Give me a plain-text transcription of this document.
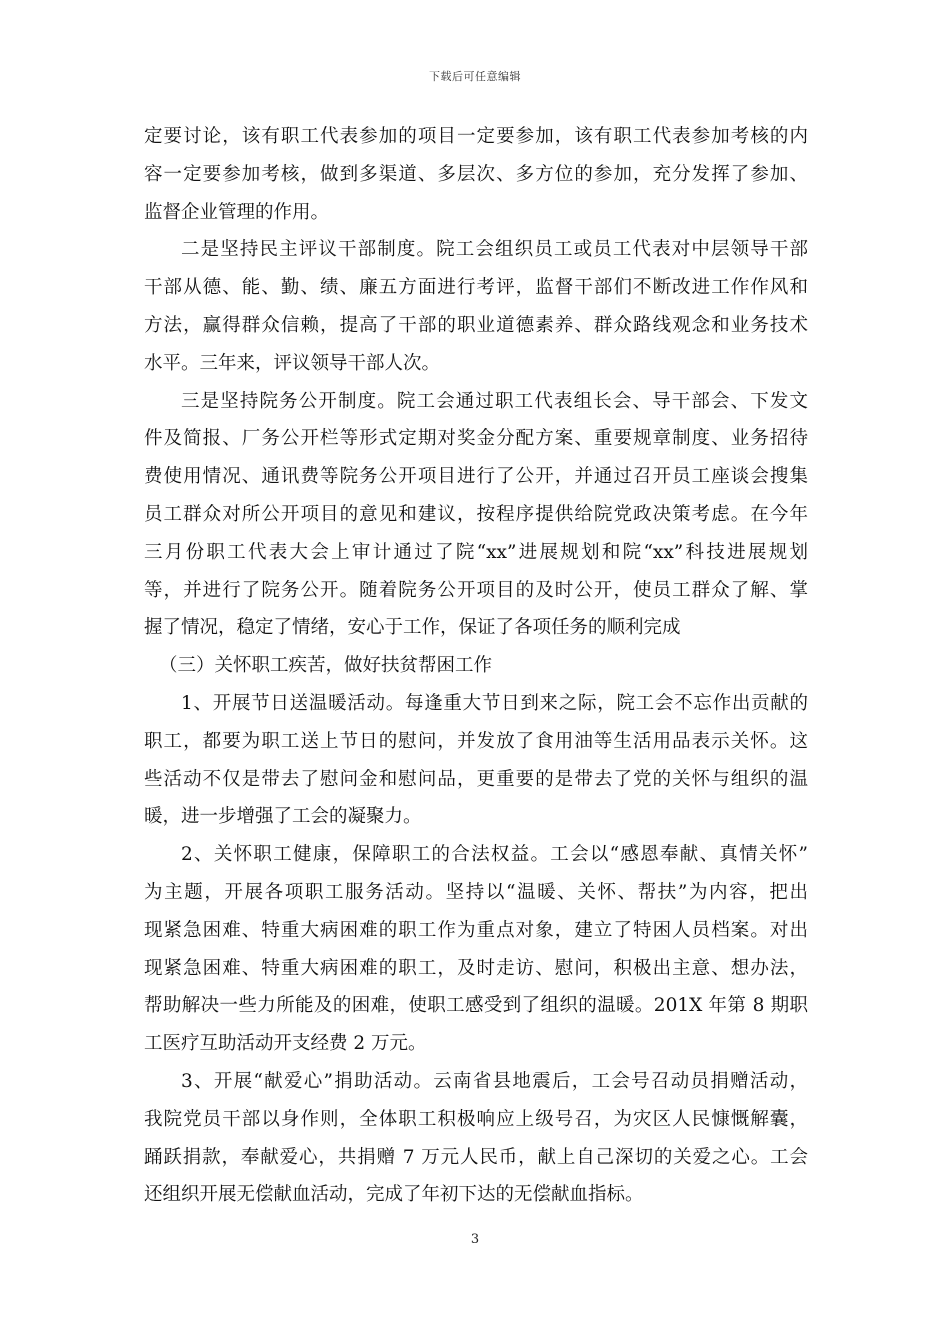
下载后可任意编辑
定要讨论，该有职工代表参加的项目一定要参加，该有职工代表参加考核的内
容一定要参加考核，做到多渠道、多层次、多方位的参加，充分发挥了参加、
监督企业管理的作用。
二是坚持民主评议干部制度。院工会组织员工或员工代表对中层领导干部
干部从德、能、勤、绩、廉五方面进行考评，监督干部们不断改进工作作风和
方法，赢得群众信赖，提高了干部的职业道德素养、群众路线观念和业务技术
水平。三年来，评议领导干部人次。
三是坚持院务公开制度。院工会通过职工代表组长会、导干部会、下发文
件及简报、厂务公开栏等形式定期对奖金分配方案、重要规章制度、业务招待
费使用情况、通讯费等院务公开项目进行了公开，并通过召开员工座谈会搜集
员工群众对所公开项目的意见和建议，按程序提供给院党政决策考虑。在今年
三月份职工代表大会上审计通过了院“xx”进展规划和院“xx”科技进展规划
等，并进行了院务公开。随着院务公开项目的及时公开，使员工群众了解、掌
握了情况，稳定了情绪，安心于工作，保证了各项任务的顺利完成
（三）关怀职工疾苦，做好扶贫帮困工作
1、开展节日送温暖活动。每逢重大节日到来之际，院工会不忘作出贡献的
职工，都要为职工送上节日的慰问，并发放了食用油等生活用品表示关怀。这
些活动不仅是带去了慰问金和慰问品，更重要的是带去了党的关怀与组织的温
暖，进一步增强了工会的凝聚力。
2、关怀职工健康，保障职工的合法权益。工会以“感恩奉献、真情关怀”
为主题，开展各项职工服务活动。坚持以“温暖、关怀、帮扶”为内容，把出
现紧急困难、特重大病困难的职工作为重点对象，建立了特困人员档案。对出
现紧急困难、特重大病困难的职工，及时走访、慰问，积极出主意、想办法，
帮助解决一些力所能及的困难，使职工感受到了组织的温暖。201X 年第 8 期职
工医疗互助活动开支经费 2 万元。
3、开展“献爱心”捐助活动。云南省县地震后，工会号召动员捐赠活动，
我院党员干部以身作则，全体职工积极响应上级号召，为灾区人民慷慨解囊，
踊跃捐款，奉献爱心，共捐赠 7 万元人民币，献上自己深切的关爱之心。工会
还组织开展无偿献血活动，完成了年初下达的无偿献血指标。
3
